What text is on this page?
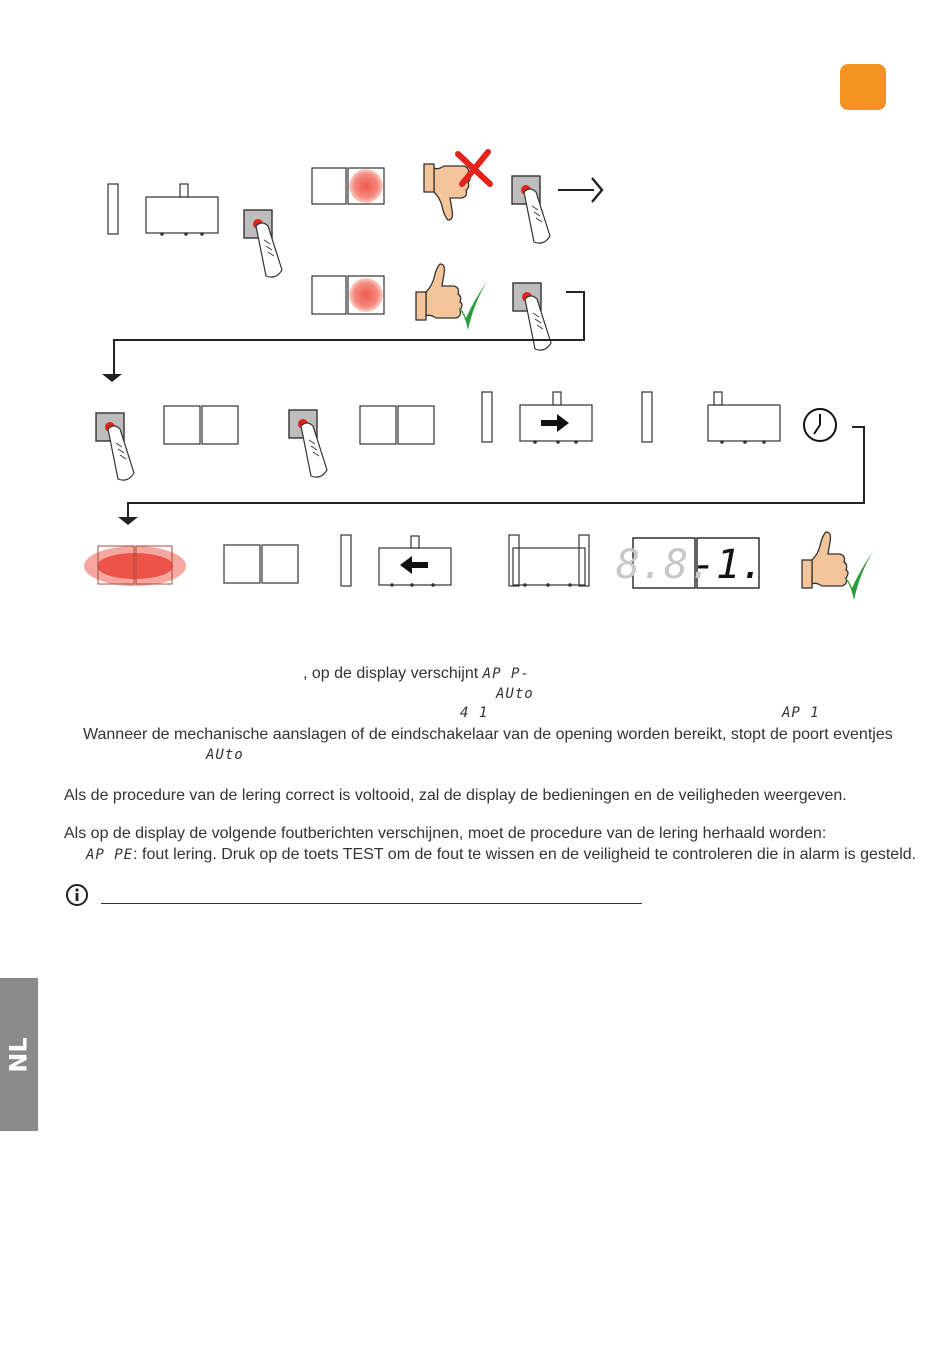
NL
8.8.
-1.
, op de display verschijnt AP P-
AUto
4 1	AP 1
Wanneer de mechanische aanslagen of de eindschakelaar van de opening worden bereikt, stopt de poort eventjes
AUto
Als de procedure van de lering correct is voltooid, zal de display de bedieningen en de veiligheden weergeven.
Als op de display de volgende foutberichten verschijnen, moet de procedure van de lering herhaald worden:
AP PE: fout lering. Druk op de toets TEST om de fout te wissen en de veiligheid te controleren die in alarm is gesteld.
